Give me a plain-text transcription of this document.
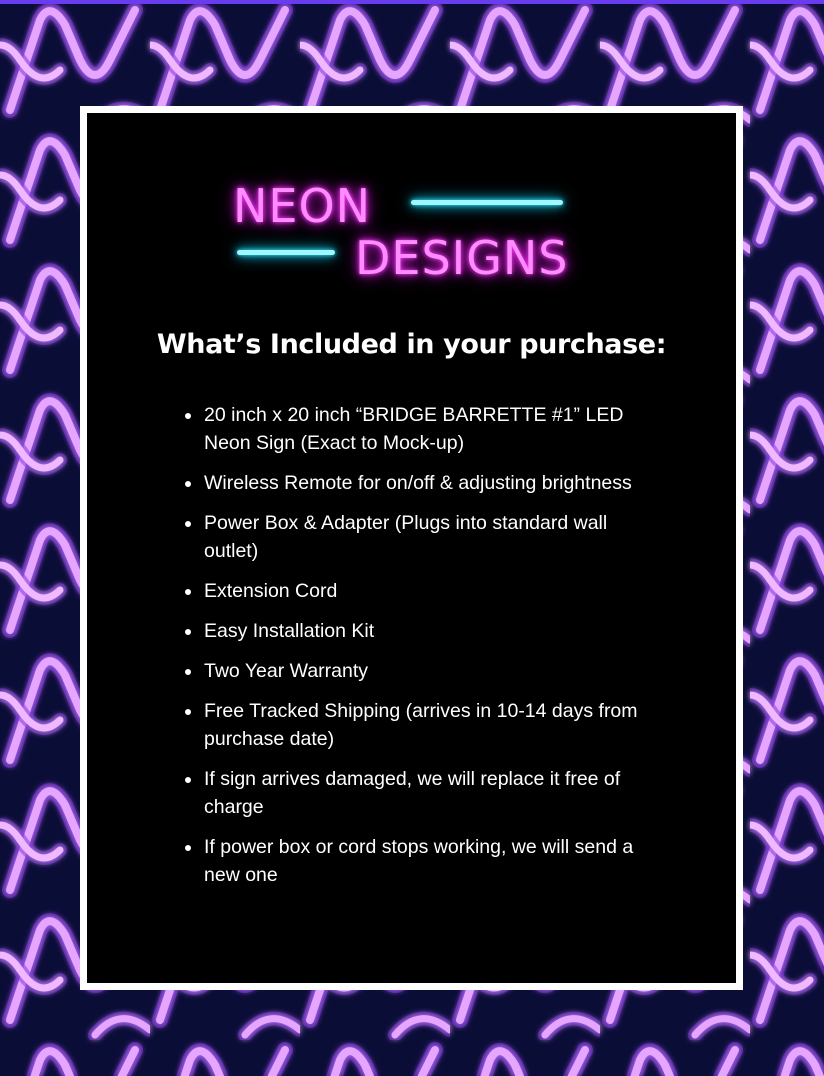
NEON
DESIGNS
What’s Included in your purchase:
20 inch x 20 inch “BRIDGE BARRETTE #1” LED Neon Sign (Exact to Mock-up)
Wireless Remote for on/off & adjusting brightness
Power Box & Adapter (Plugs into standard wall outlet)
Extension Cord
Easy Installation Kit
Two Year Warranty
Free Tracked Shipping (arrives in 10-14 days from purchase date)
If sign arrives damaged, we will replace it free of charge
If power box or cord stops working, we will send a new one
